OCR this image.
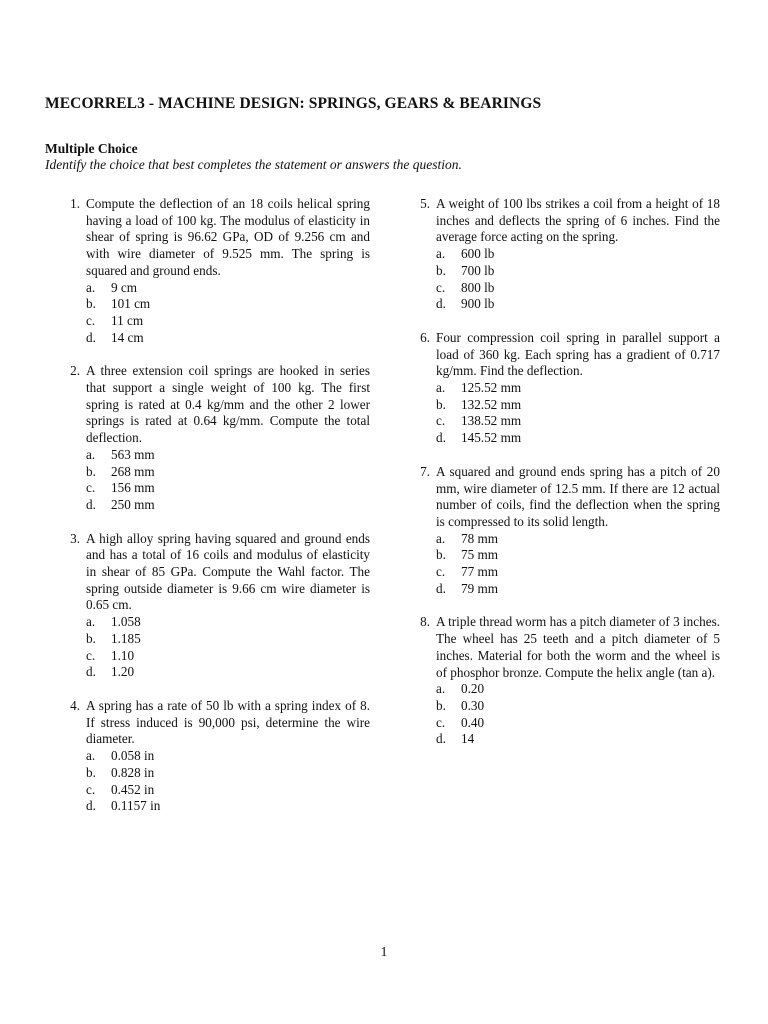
MECORREL3 - MACHINE DESIGN: SPRINGS, GEARS & BEARINGS
Multiple Choice
Identify the choice that best completes the statement or answers the question.
1. Compute the deflection of an 18 coils helical spring having a load of 100 kg. The modulus of elasticity in shear of spring is 96.62 GPa, OD of 9.256 cm and with wire diameter of 9.525 mm. The spring is squared and ground ends.
a.	9 cm
b.	101 cm
c.	11 cm
d.	14 cm
2. A three extension coil springs are hooked in series that support a single weight of 100 kg. The first spring is rated at 0.4 kg/mm and the other 2 lower springs is rated at 0.64 kg/mm. Compute the total deflection.
a.	563 mm
b.	268 mm
c.	156 mm
d.	250 mm
3. A high alloy spring having squared and ground ends and has a total of 16 coils and modulus of elasticity in shear of 85 GPa. Compute the Wahl factor. The spring outside diameter is 9.66 cm wire diameter is 0.65 cm.
a.	1.058
b.	1.185
c.	1.10
d.	1.20
4. A spring has a rate of 50 lb with a spring index of 8. If stress induced is 90,000 psi, determine the wire diameter.
a.	0.058 in
b.	0.828 in
c.	0.452 in
d.	0.1157 in
5. A weight of 100 lbs strikes a coil from a height of 18 inches and deflects the spring of 6 inches. Find the average force acting on the spring.
a.	600 lb
b.	700 lb
c.	800 lb
d.	900 lb
6. Four compression coil spring in parallel support a load of 360 kg. Each spring has a gradient of 0.717 kg/mm. Find the deflection.
a.	125.52 mm
b.	132.52 mm
c.	138.52 mm
d.	145.52 mm
7. A squared and ground ends spring has a pitch of 20 mm, wire diameter of 12.5 mm. If there are 12 actual number of coils, find the deflection when the spring is compressed to its solid length.
a.	78 mm
b.	75 mm
c.	77 mm
d.	79 mm
8. A triple thread worm has a pitch diameter of 3 inches. The wheel has 25 teeth and a pitch diameter of 5 inches. Material for both the worm and the wheel is of phosphor bronze. Compute the helix angle (tan a).
a.	0.20
b.	0.30
c.	0.40
d.	14
1
